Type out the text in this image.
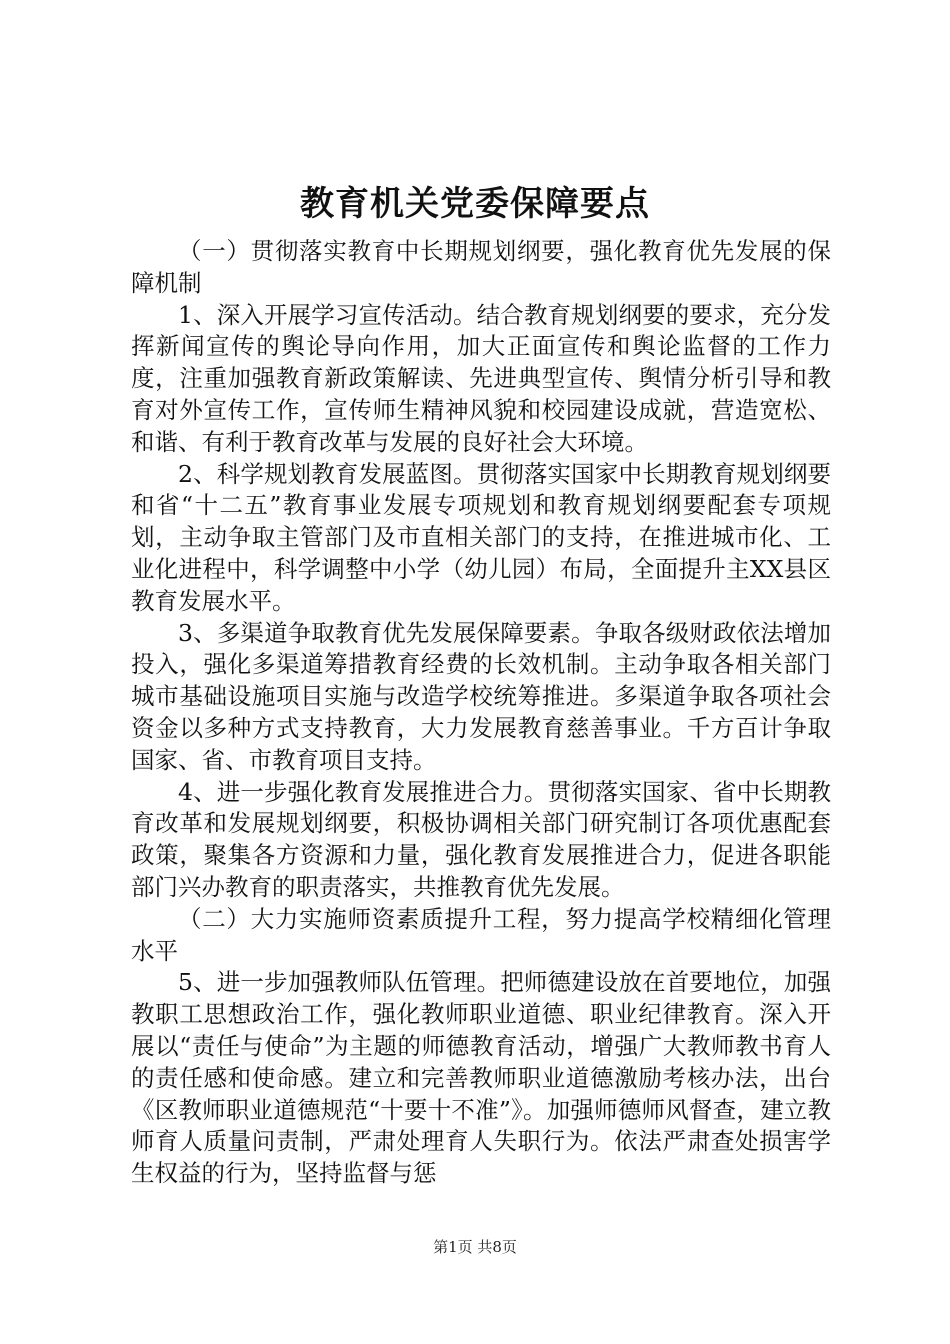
教育机关党委保障要点

（一）贯彻落实教育中长期规划纲要，强化教育优先发展的保障机制

1、深入开展学习宣传活动。结合教育规划纲要的要求，充分发挥新闻宣传的舆论导向作用，加大正面宣传和舆论监督的工作力度，注重加强教育新政策解读、先进典型宣传、舆情分析引导和教育对外宣传工作，宣传师生精神风貌和校园建设成就，营造宽松、和谐、有利于教育改革与发展的良好社会大环境。

2、科学规划教育发展蓝图。贯彻落实国家中长期教育规划纲要和省“十二五”教育事业发展专项规划和教育规划纲要配套专项规划，主动争取主管部门及市直相关部门的支持，在推进城市化、工业化进程中，科学调整中小学（幼儿园）布局，全面提升主XX县区教育发展水平。

3、多渠道争取教育优先发展保障要素。争取各级财政依法增加投入，强化多渠道筹措教育经费的长效机制。主动争取各相关部门城市基础设施项目实施与改造学校统筹推进。多渠道争取各项社会资金以多种方式支持教育，大力发展教育慈善事业。千方百计争取国家、省、市教育项目支持。

4、进一步强化教育发展推进合力。贯彻落实国家、省中长期教育改革和发展规划纲要，积极协调相关部门研究制订各项优惠配套政策，聚集各方资源和力量，强化教育发展推进合力，促进各职能部门兴办教育的职责落实，共推教育优先发展。

（二）大力实施师资素质提升工程，努力提高学校精细化管理水平

5、进一步加强教师队伍管理。把师德建设放在首要地位，加强教职工思想政治工作，强化教师职业道德、职业纪律教育。深入开展以“责任与使命”为主题的师德教育活动，增强广大教师教书育人的责任感和使命感。建立和完善教师职业道德激励考核办法，出台《区教师职业道德规范“十要十不准”》。加强师德师风督查，建立教师育人质量问责制，严肃处理育人失职行为。依法严肃查处损害学生权益的行为，坚持监督与惩

第1页 共8页
